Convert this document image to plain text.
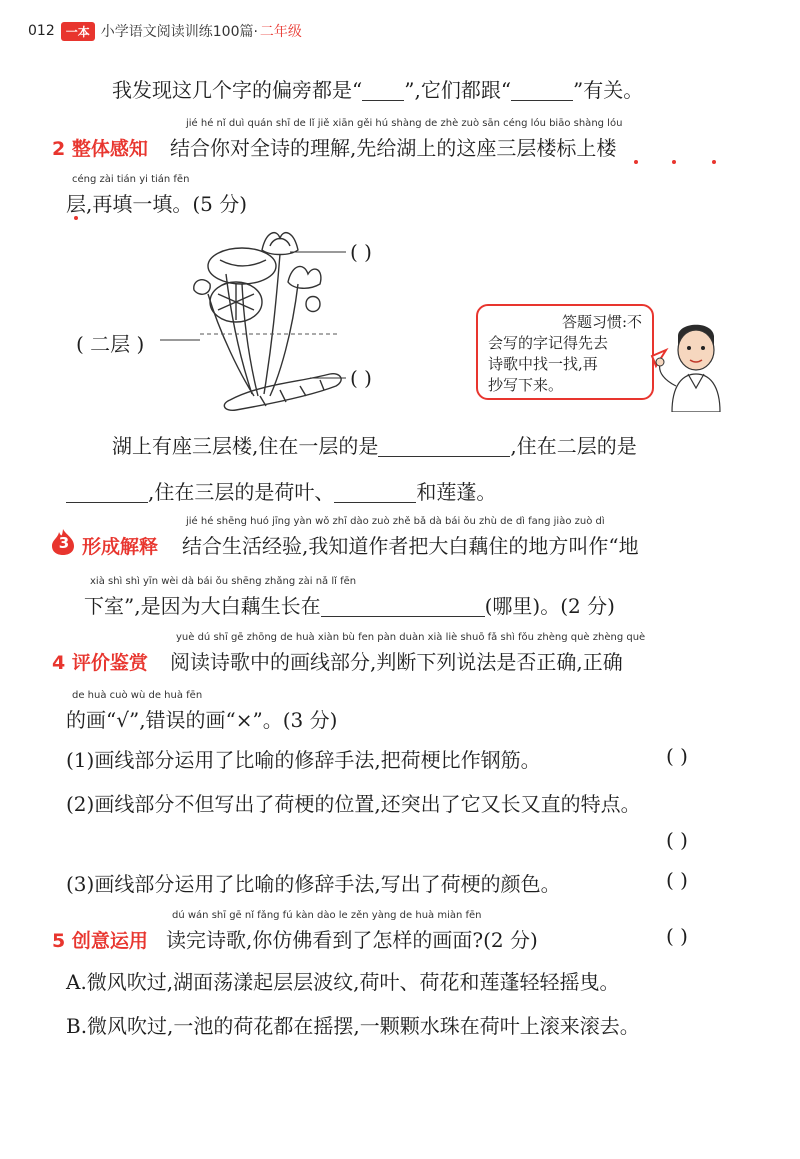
012 一本 小学语文阅读训练100篇· 二年级
我发现这几个字的偏旁都是“ ”,它们都跟“	”有关。
jié hé nǐ duì quán shī de lǐ jiě xiān gěi hú shàng de zhè zuò sān céng lóu biāo shàng lóu
2 整体感知 结合你对全诗的理解,先给湖上的这座三层楼标上楼
céng zài tián yi tián fēn
层,再填一填。(5 分)
( )
( 二层 )
( )

答题习惯:不

会写的字记得先去

诗歌中找一找,再

抄写下来。

湖上有座三层楼,住在一层的是	,住在二层的是
,住在三层的是荷叶、	和莲蓬。
jié hé shēng huó jīng yàn wǒ zhī dào zuò zhě bǎ dà bái ǒu zhù de dì fang jiào zuò dì
3 形成解释 结合生活经验,我知道作者把大白藕住的地方叫作“地
xià shì shì yīn wèi dà bái ǒu shēng zhǎng zài nǎ lǐ fēn
下室”,是因为大白藕生长在	(哪里)。(2 分)
yuè dú shī gē zhōng de huà xiàn bù fen pàn duàn xià liè shuō fǎ shì fǒu zhèng què zhèng què
4 评价鉴赏 阅读诗歌中的画线部分,判断下列说法是否正确,正确
de huà cuò wù de huà fēn
的画“√”,错误的画“×”。(3 分)
(1)画线部分运用了比喻的修辞手法,把荷梗比作钢筋。	( )
(2)画线部分不但写出了荷梗的位置,还突出了它又长又直的特点。
( )
(3)画线部分运用了比喻的修辞手法,写出了荷梗的颜色。	( )
dú wán shī gē nǐ fǎng fú kàn dào le zěn yàng de huà miàn fēn
5 创意运用 读完诗歌,你仿佛看到了怎样的画面?(2 分)	( )
A.微风吹过,湖面荡漾起层层波纹,荷叶、荷花和莲蓬轻轻摇曳。
B.微风吹过,一池的荷花都在摇摆,一颗颗水珠在荷叶上滚来滚去。
